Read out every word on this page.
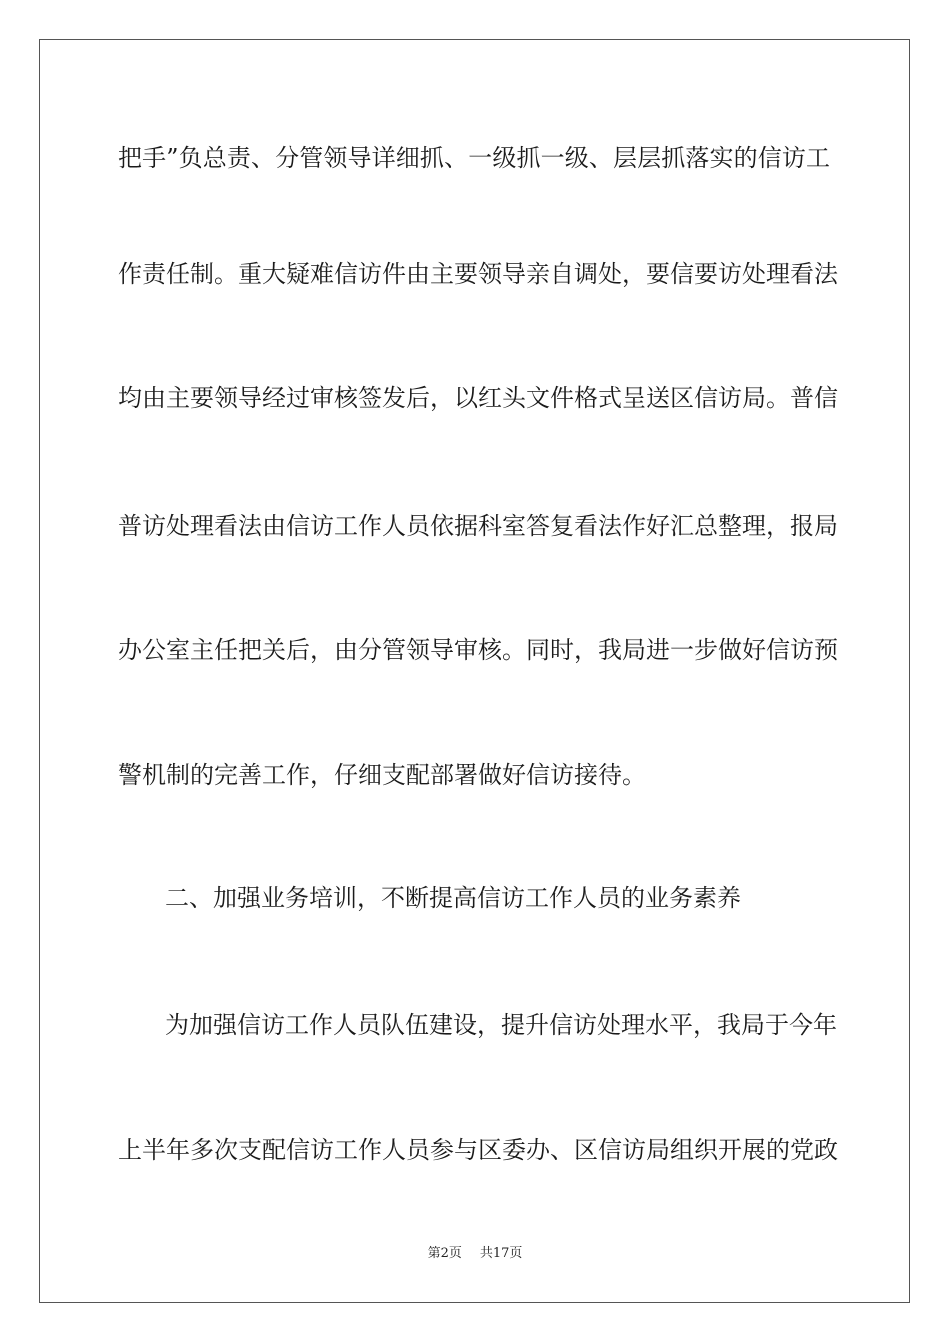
把手”负总责、分管领导详细抓、一级抓一级、层层抓落实的信访工
作责任制。重大疑难信访件由主要领导亲自调处，要信要访处理看法
均由主要领导经过审核签发后，以红头文件格式呈送区信访局。普信
普访处理看法由信访工作人员依据科室答复看法作好汇总整理，报局
办公室主任把关后，由分管领导审核。同时，我局进一步做好信访预
警机制的完善工作，仔细支配部署做好信访接待。
二、加强业务培训，不断提高信访工作人员的业务素养
为加强信访工作人员队伍建设，提升信访处理水平，我局于今年
上半年多次支配信访工作人员参与区委办、区信访局组织开展的党政
第2页 共17页
